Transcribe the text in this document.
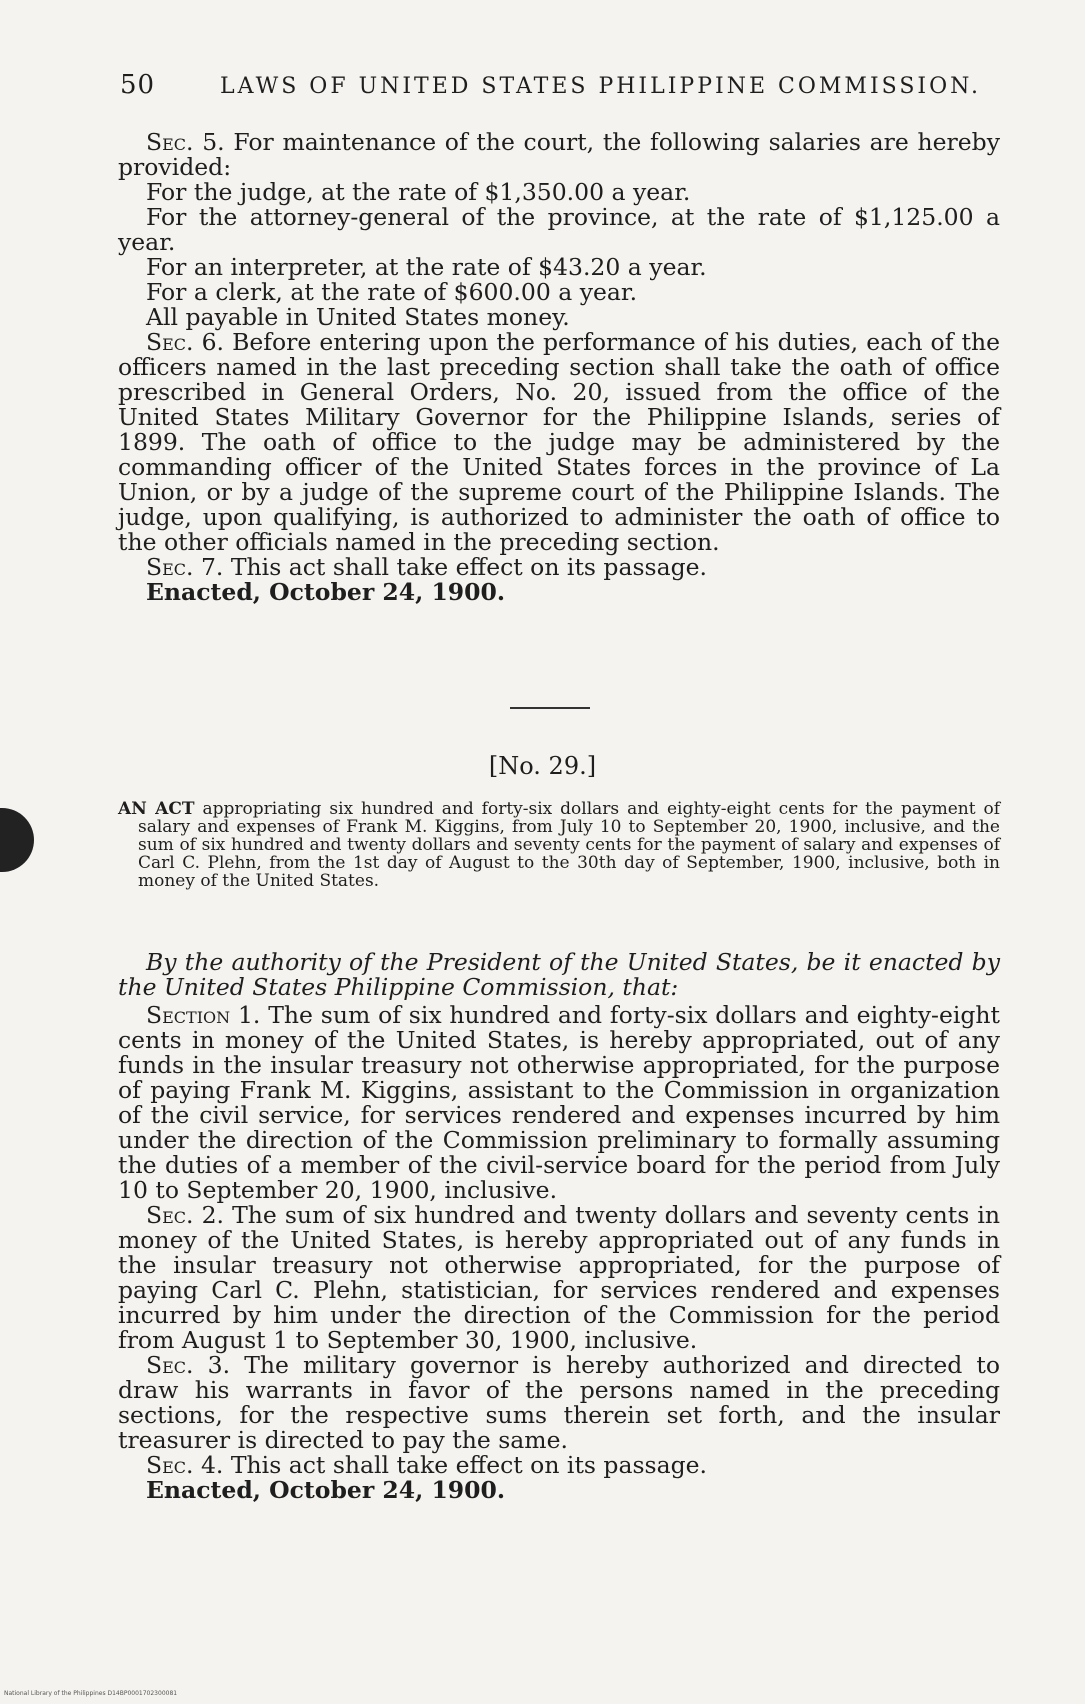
50	LAWS OF UNITED STATES PHILIPPINE COMMISSION.

Sec. 5. For maintenance of the court, the following salaries are hereby provided:

For the judge, at the rate of $1,350.00 a year.

For the attorney-general of the province, at the rate of $1,125.00 a year.

For an interpreter, at the rate of $43.20 a year.

For a clerk, at the rate of $600.00 a year.

All payable in United States money.

Sec. 6. Before entering upon the performance of his duties, each of the officers named in the last preceding section shall take the oath of office prescribed in General Orders, No. 20, issued from the office of the United States Military Governor for the Philippine Islands, series of 1899. The oath of office to the judge may be administered by the commanding officer of the United States forces in the province of La Union, or by a judge of the supreme court of the Philippine Islands. The judge, upon qualifying, is authorized to administer the oath of office to the other officials named in the preceding section.

Sec. 7. This act shall take effect on its passage.

Enacted, October 24, 1900.

[No. 29.]
AN ACT appropriating six hundred and forty-six dollars and eighty-eight cents for the payment of salary and expenses of Frank M. Kiggins, from July 10 to September 20, 1900, inclusive, and the sum of six hundred and twenty dollars and seventy cents for the payment of salary and expenses of Carl C. Plehn, from the 1st day of August to the 30th day of September, 1900, inclusive, both in money of the United States.
By the authority of the President of the United States, be it enacted by the United States Philippine Commission, that:

Section 1. The sum of six hundred and forty-six dollars and eighty-eight cents in money of the United States, is hereby appropriated, out of any funds in the insular treasury not otherwise appropriated, for the purpose of paying Frank M. Kiggins, assistant to the Commission in organization of the civil service, for services rendered and expenses incurred by him under the direction of the Commission preliminary to formally assuming the duties of a member of the civil-service board for the period from July 10 to September 20, 1900, inclusive.

Sec. 2. The sum of six hundred and twenty dollars and seventy cents in money of the United States, is hereby appropriated out of any funds in the insular treasury not otherwise appropriated, for the purpose of paying Carl C. Plehn, statistician, for services rendered and expenses incurred by him under the direction of the Commission for the period from August 1 to September 30, 1900, inclusive.

Sec. 3. The military governor is hereby authorized and directed to draw his warrants in favor of the persons named in the preceding sections, for the respective sums therein set forth, and the insular treasurer is directed to pay the same.

Sec. 4. This act shall take effect on its passage.

Enacted, October 24, 1900.

National Library of the Philippines D14BP0001702300081
